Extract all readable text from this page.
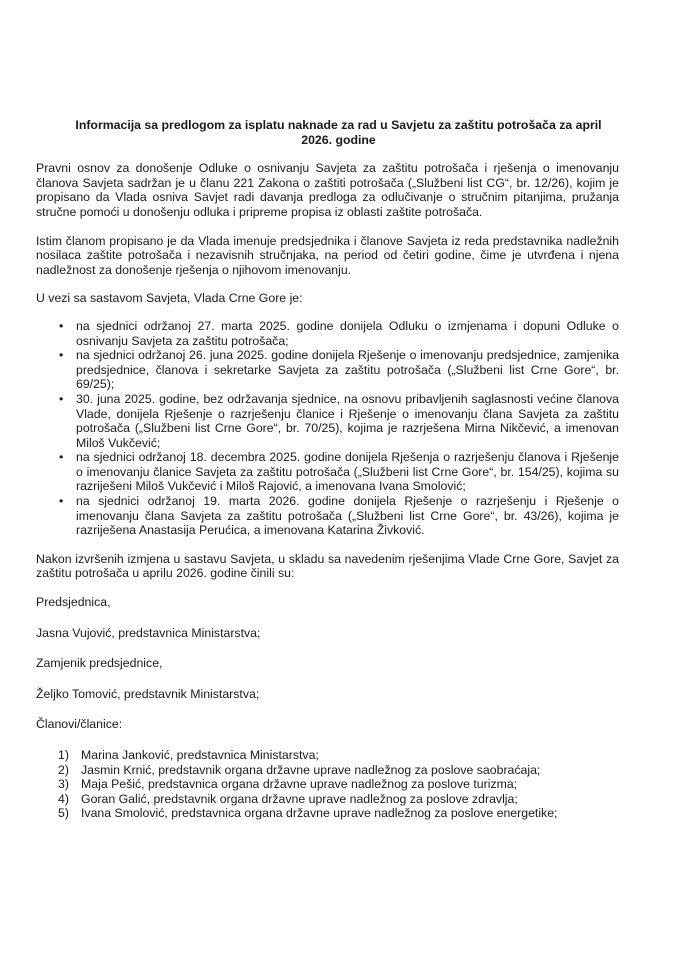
Informacija sa predlogom za isplatu naknade za rad u Savjetu za zaštitu potrošača za april 2026. godine

Pravni osnov za donošenje Odluke o osnivanju Savjeta za zaštitu potrošača i rješenja o imenovanju članova Savjeta sadržan je u članu 221 Zakona o zaštiti potrošača („Službeni list CG“, br. 12/26), kojim je propisano da Vlada osniva Savjet radi davanja predloga za odlučivanje o stručnim pitanjima, pružanja stručne pomoći u donošenju odluka i pripreme propisa iz oblasti zaštite potrošača.

Istim članom propisano je da Vlada imenuje predsjednika i članove Savjeta iz reda predstavnika nadležnih nosilaca zaštite potrošača i nezavisnih stručnjaka, na period od četiri godine, čime je utvrđena i njena nadležnost za donošenje rješenja o njihovom imenovanju.

U vezi sa sastavom Savjeta, Vlada Crne Gore je:

• na sjednici održanoj 27. marta 2025. godine donijela Odluku o izmjenama i dopuni Odluke o osnivanju Savjeta za zaštitu potrošača;
• na sjednici održanoj 26. juna 2025. godine donijela Rješenje o imenovanju predsjednice, zamjenika predsjednice, članova i sekretarke Savjeta za zaštitu potrošača („Službeni list Crne Gore“, br. 69/25);
• 30. juna 2025. godine, bez održavanja sjednice, na osnovu pribavljenih saglasnosti većine članova Vlade, donijela Rješenje o razrješenju članice i Rješenje o imenovanju člana Savjeta za zaštitu potrošača („Službeni list Crne Gore“, br. 70/25), kojima je razrješena Mirna Nikčević, a imenovan Miloš Vukčević;
• na sjednici održanoj 18. decembra 2025. godine donijela Rješenja o razrješenju članova i Rješenje o imenovanju članice Savjeta za zaštitu potrošača („Službeni list Crne Gore“, br. 154/25), kojima su razriješeni Miloš Vukčević i Miloš Rajović, a imenovana Ivana Smolović;
• na sjednici održanoj 19. marta 2026. godine donijela Rješenje o razrješenju i Rješenje o imenovanju člana Savjeta za zaštitu potrošača („Službeni list Crne Gore“, br. 43/26), kojima je razriješena Anastasija Perućica, a imenovana Katarina Živković.

Nakon izvršenih izmjena u sastavu Savjeta, u skladu sa navedenim rješenjima Vlade Crne Gore, Savjet za zaštitu potrošača u aprilu 2026. godine činili su:

Predsjednica,

Jasna Vujović, predstavnica Ministarstva;

Zamjenik predsjednice,

Željko Tomović, predstavnik Ministarstva;

Članovi/članice:

1) Marina Janković, predstavnica Ministarstva;
2) Jasmin Krnić, predstavnik organa državne uprave nadležnog za poslove saobraćaja;
3) Maja Pešić, predstavnica organa državne uprave nadležnog za poslove turizma;
4) Goran Galić, predstavnik organa državne uprave nadležnog za poslove zdravlja;
5) Ivana Smolović, predstavnica organa državne uprave nadležnog za poslove energetike;
